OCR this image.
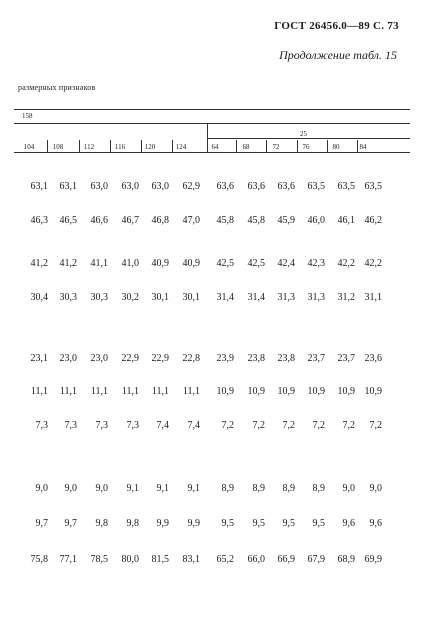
ГОСТ 26456.0—89 С. 73
Продолжение табл. 15
размерных признаков
158
25
104	108	112	116	120	124	64	68	72	76	80	84
63,1	63,1	63,0	63,0	63,0	62,9	63,6	63,6	63,6	63,5	63,5 63,5
46,3	46,5	46,6	46,7	46,8	47,0	45,8	45,8	45,9	46,0	46,1 46,2
41,2	41,2	41,1	41,0	40,9	40,9	42,5	42,5	42,4	42,3	42,2 42,2
30,4	30,3	30,3	30,2	30,1	30,1	31,4	31,4	31,3	31,3	31,2 31,1
23,1	23,0	23,0	22,9	22,9	22,8	23,9	23,8	23,8	23,7	23,7 23,6
11,1	11,1	11,1	11,1	11,1	11,1	10,9	10,9	10,9	10,9	10,9 10,9
7,3	7,3	7,3	7,3	7,4	7,4	7,2	7,2	7,2	7,2	7,2	7,2
9,0	9,0	9,0	9,1	9,1	9,1	8,9	8,9	8,9	8,9	9,0	9,0
9,7	9,7	9,8	9,8	9,9	9,9	9,5	9,5	9,5	9,5	9,6	9,6
75,8	77,1	78,5	80,0	81,5	83,1	65,2	66,0	66,9	67,9	68,9 69,9
